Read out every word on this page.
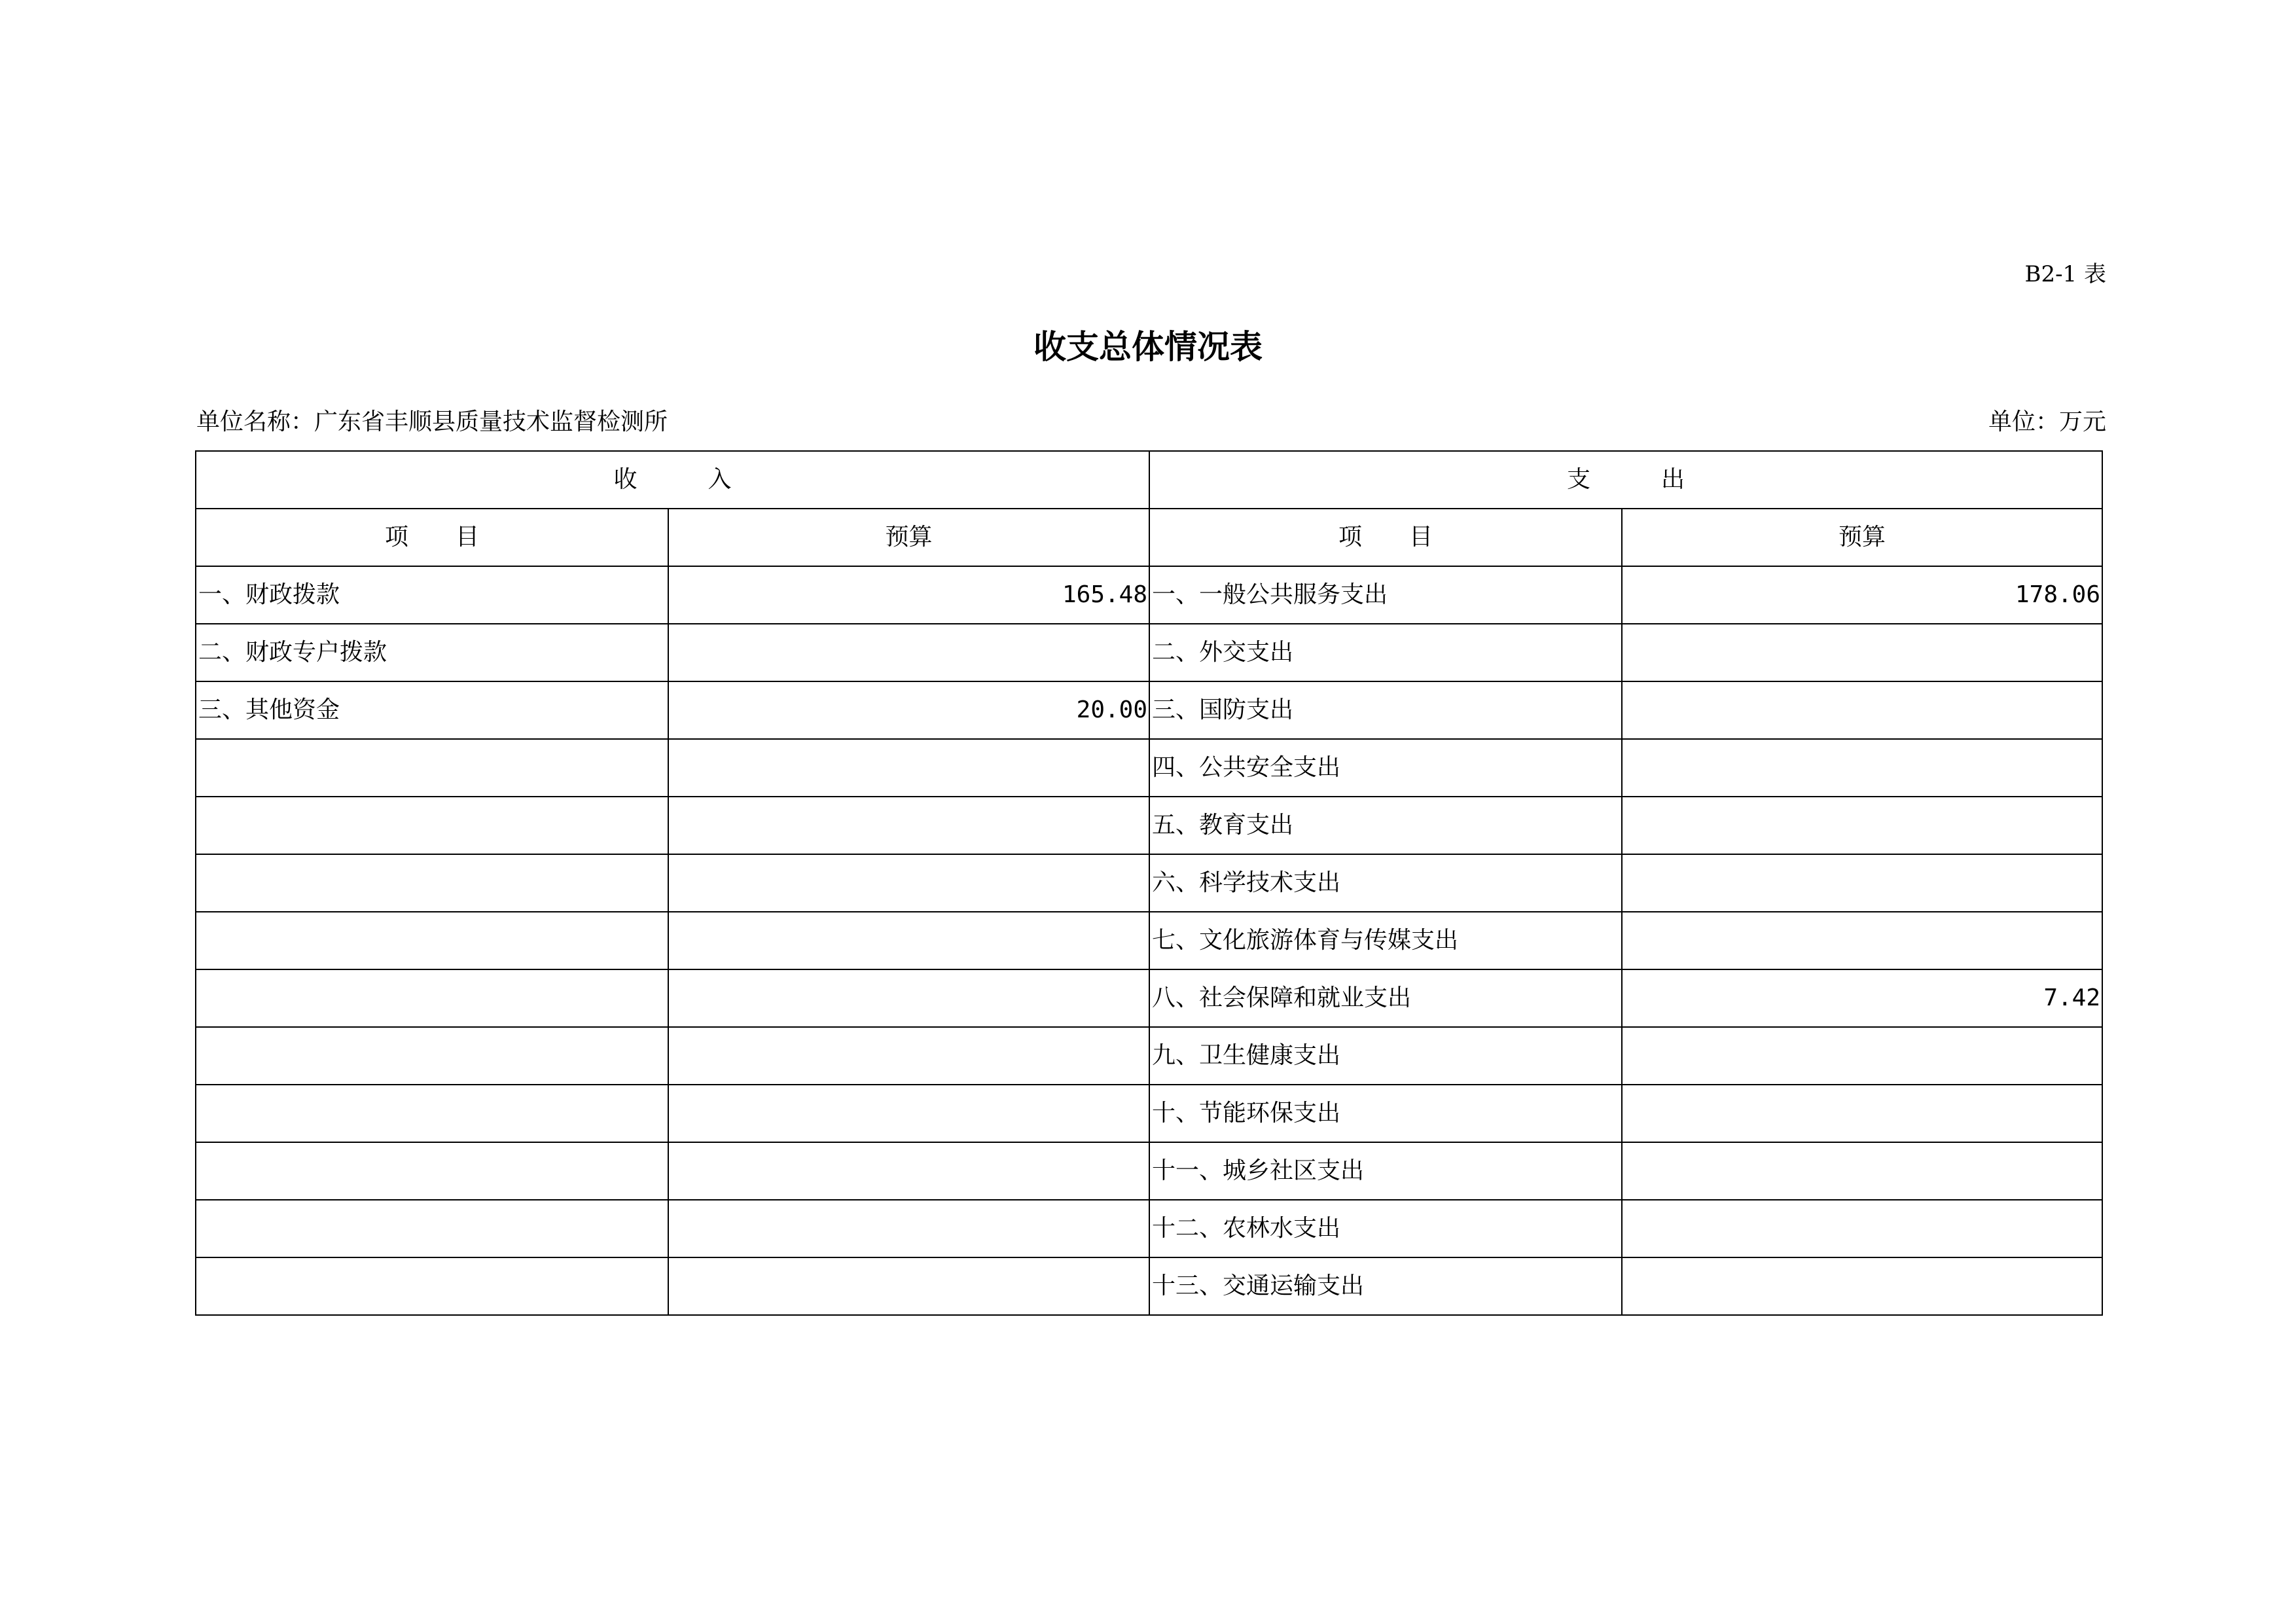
B2-1 表
收支总体情况表
单位名称：广东省丰顺县质量技术监督检测所	单位：万元
收　　　入		支　　　出	
项　　目	预算	项　　目	预算
一、财政拨款	165.48	一、一般公共服务支出	178.06
二、财政专户拨款		二、外交支出	
三、其他资金	20.00	三、国防支出	
		四、公共安全支出	
		五、教育支出	
		六、科学技术支出	
		七、文化旅游体育与传媒支出	
		八、社会保障和就业支出	7.42
		九、卫生健康支出	
		十、节能环保支出	
		十一、城乡社区支出	
		十二、农林水支出	
		十三、交通运输支出	
